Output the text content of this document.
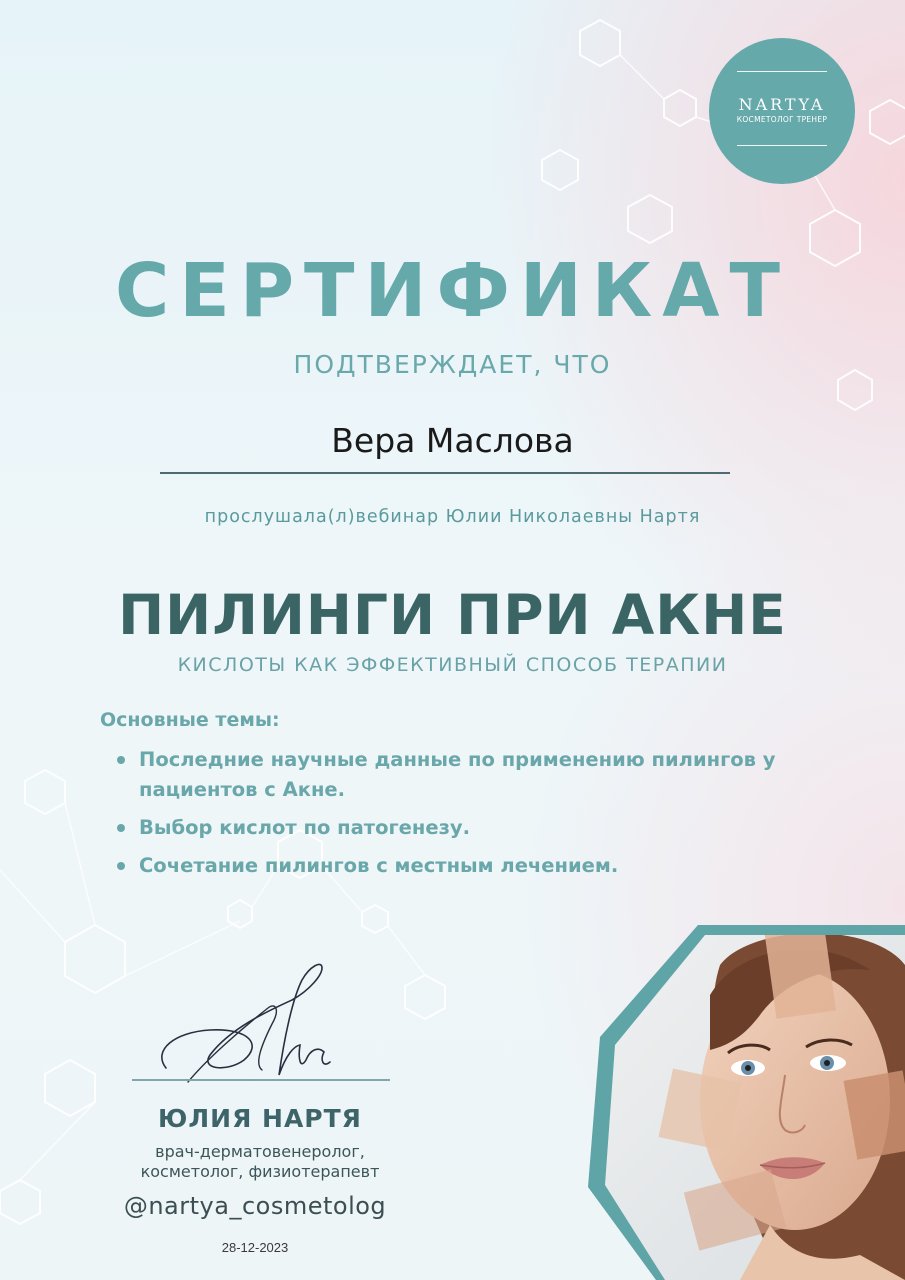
NARTYA
КОСМЕТОЛОГ ТРЕНЕР
СЕРТИФИКАТ
ПОДТВЕРЖДАЕТ, ЧТО
Вера Маслова
прослушала(л)вебинар Юлии Николаевны Нартя
ПИЛИНГИ ПРИ АКНЕ
КИСЛОТЫ КАК ЭФФЕКТИВНЫЙ СПОСОБ ТЕРАПИИ
Основные темы:
Последние научные данные по применению пилингов у пациентов с Акне.
Выбор кислот по патогенезу.
Сочетание пилингов с местным лечением.
ЮЛИЯ НАРТЯ
врач-дерматовенеролог,
косметолог, физиотерапевт
@nartya_cosmetolog
28-12-2023
